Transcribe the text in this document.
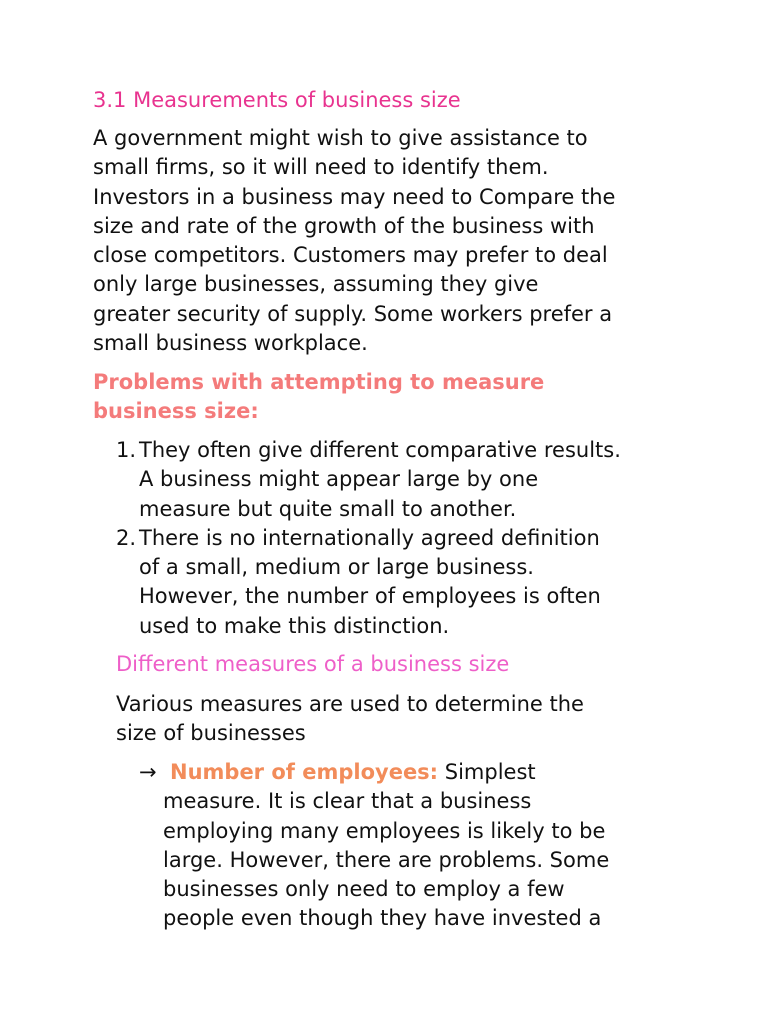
3.1 Measurements of business size

A government might wish to give assistance to
small firms, so it will need to identify them.
Investors in a business may need to Compare the
size and rate of the growth of the business with
close competitors. Customers may prefer to deal
only large businesses, assuming they give
greater security of supply. Some workers prefer a
small business workplace.

Problems with attempting to measure
business size:
1. They often give different comparative results.
A business might appear large by one
measure but quite small to another.
2. There is no internationally agreed definition
of a small, medium or large business.
However, the number of employees is often
used to make this distinction.
Different measures of a business size

Various measures are used to determine the
size of businesses

→ Number of employees: Simplest
measure. It is clear that a business
employing many employees is likely to be
large. However, there are problems. Some
businesses only need to employ a few
people even though they have invested a
